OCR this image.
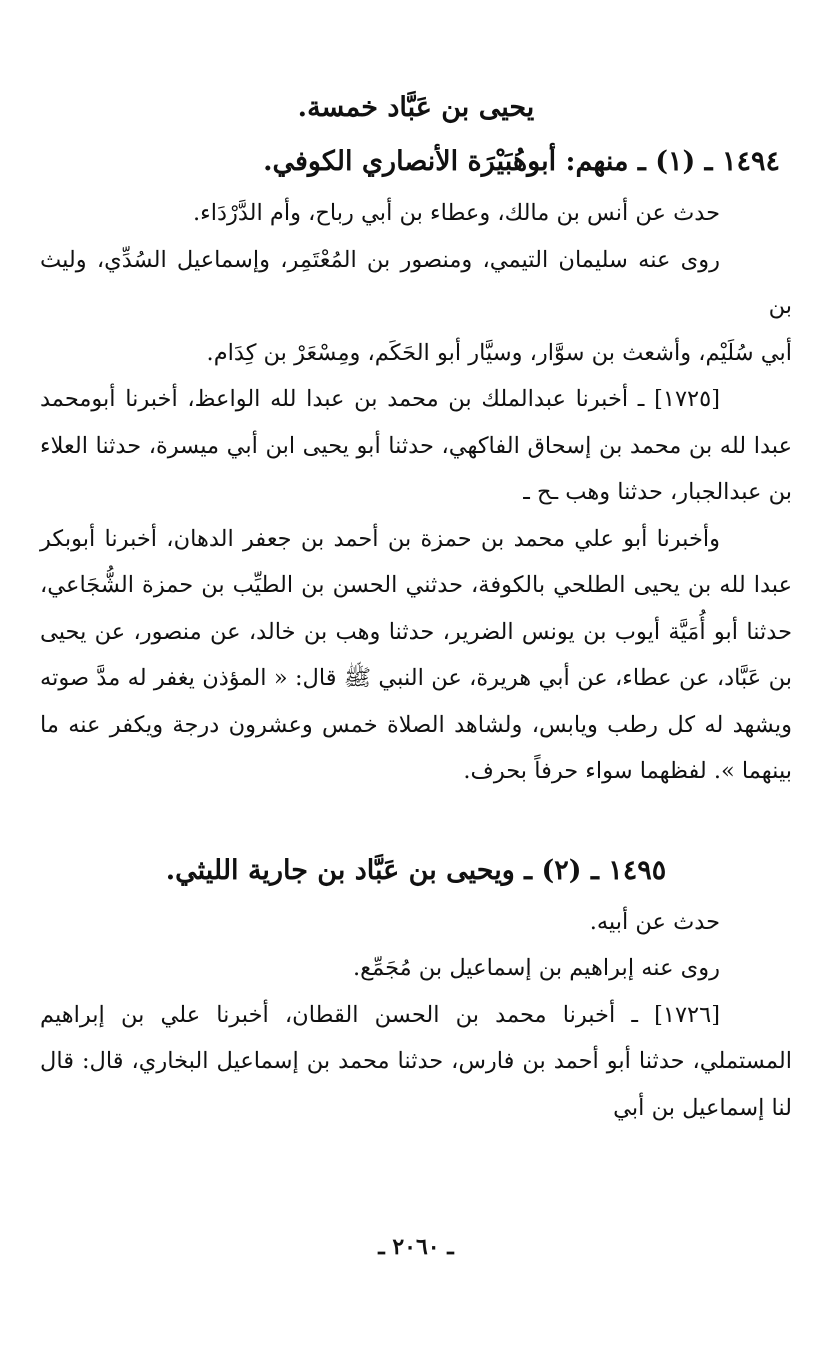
يحيى بن عَبَّاد خمسة.
١٤٩٤ ـ (١) ـ منهم: أبوهُبَيْرَة الأنصاري الكوفي.

حدث عن أنس بن مالك، وعطاء بن أبي رباح، وأم الدَّرْدَاء.

روى عنه سليمان التيمي، ومنصور بن المُعْتَمِر، وإسماعيل السُدِّي، وليث بن

أبي سُلَيْم، وأشعث بن سوَّار، وسيَّار أبو الحَكَم، ومِسْعَرْ بن كِدَام.

[١٧٢٥] ـ أخبرنا عبدالملك بن محمد بن عبدا لله الواعظ، أخبرنا أبومحمد عبدا لله بن محمد بن إسحاق الفاكهي، حدثنا أبو يحيى ابن أبي ميسرة، حدثنا العلاء بن عبدالجبار، حدثنا وهب ـح ـ

وأخبرنا أبو علي محمد بن حمزة بن أحمد بن جعفر الدهان، أخبرنا أبوبكر عبدا لله بن يحيى الطلحي بالكوفة، حدثني الحسن بن الطيِّب بن حمزة الشُّجَاعي، حدثنا أبو أُمَيَّة أيوب بن يونس الضرير، حدثنا وهب بن خالد، عن منصور، عن يحيى بن عَبَّاد، عن عطاء، عن أبي هريرة، عن النبي ﷺ قال: « المؤذن يغفر له مدَّ صوته ويشهد له كل رطب ويابس، ولشاهد الصلاة خمس وعشرون درجة ويكفر عنه ما بينهما ». لفظهما سواء حرفاً بحرف.

١٤٩٥ ـ (٢) ـ ويحيى بن عَبَّاد بن جارية الليثي.

حدث عن أبيه.

روى عنه إبراهيم بن إسماعيل بن مُجَمِّع.

[١٧٢٦] ـ أخبرنا محمد بن الحسن القطان، أخبرنا علي بن إبراهيم المستملي، حدثنا أبو أحمد بن فارس، حدثنا محمد بن إسماعيل البخاري، قال: قال لنا إسماعيل بن أبي

ـ ٢٠٦٠ ـ
